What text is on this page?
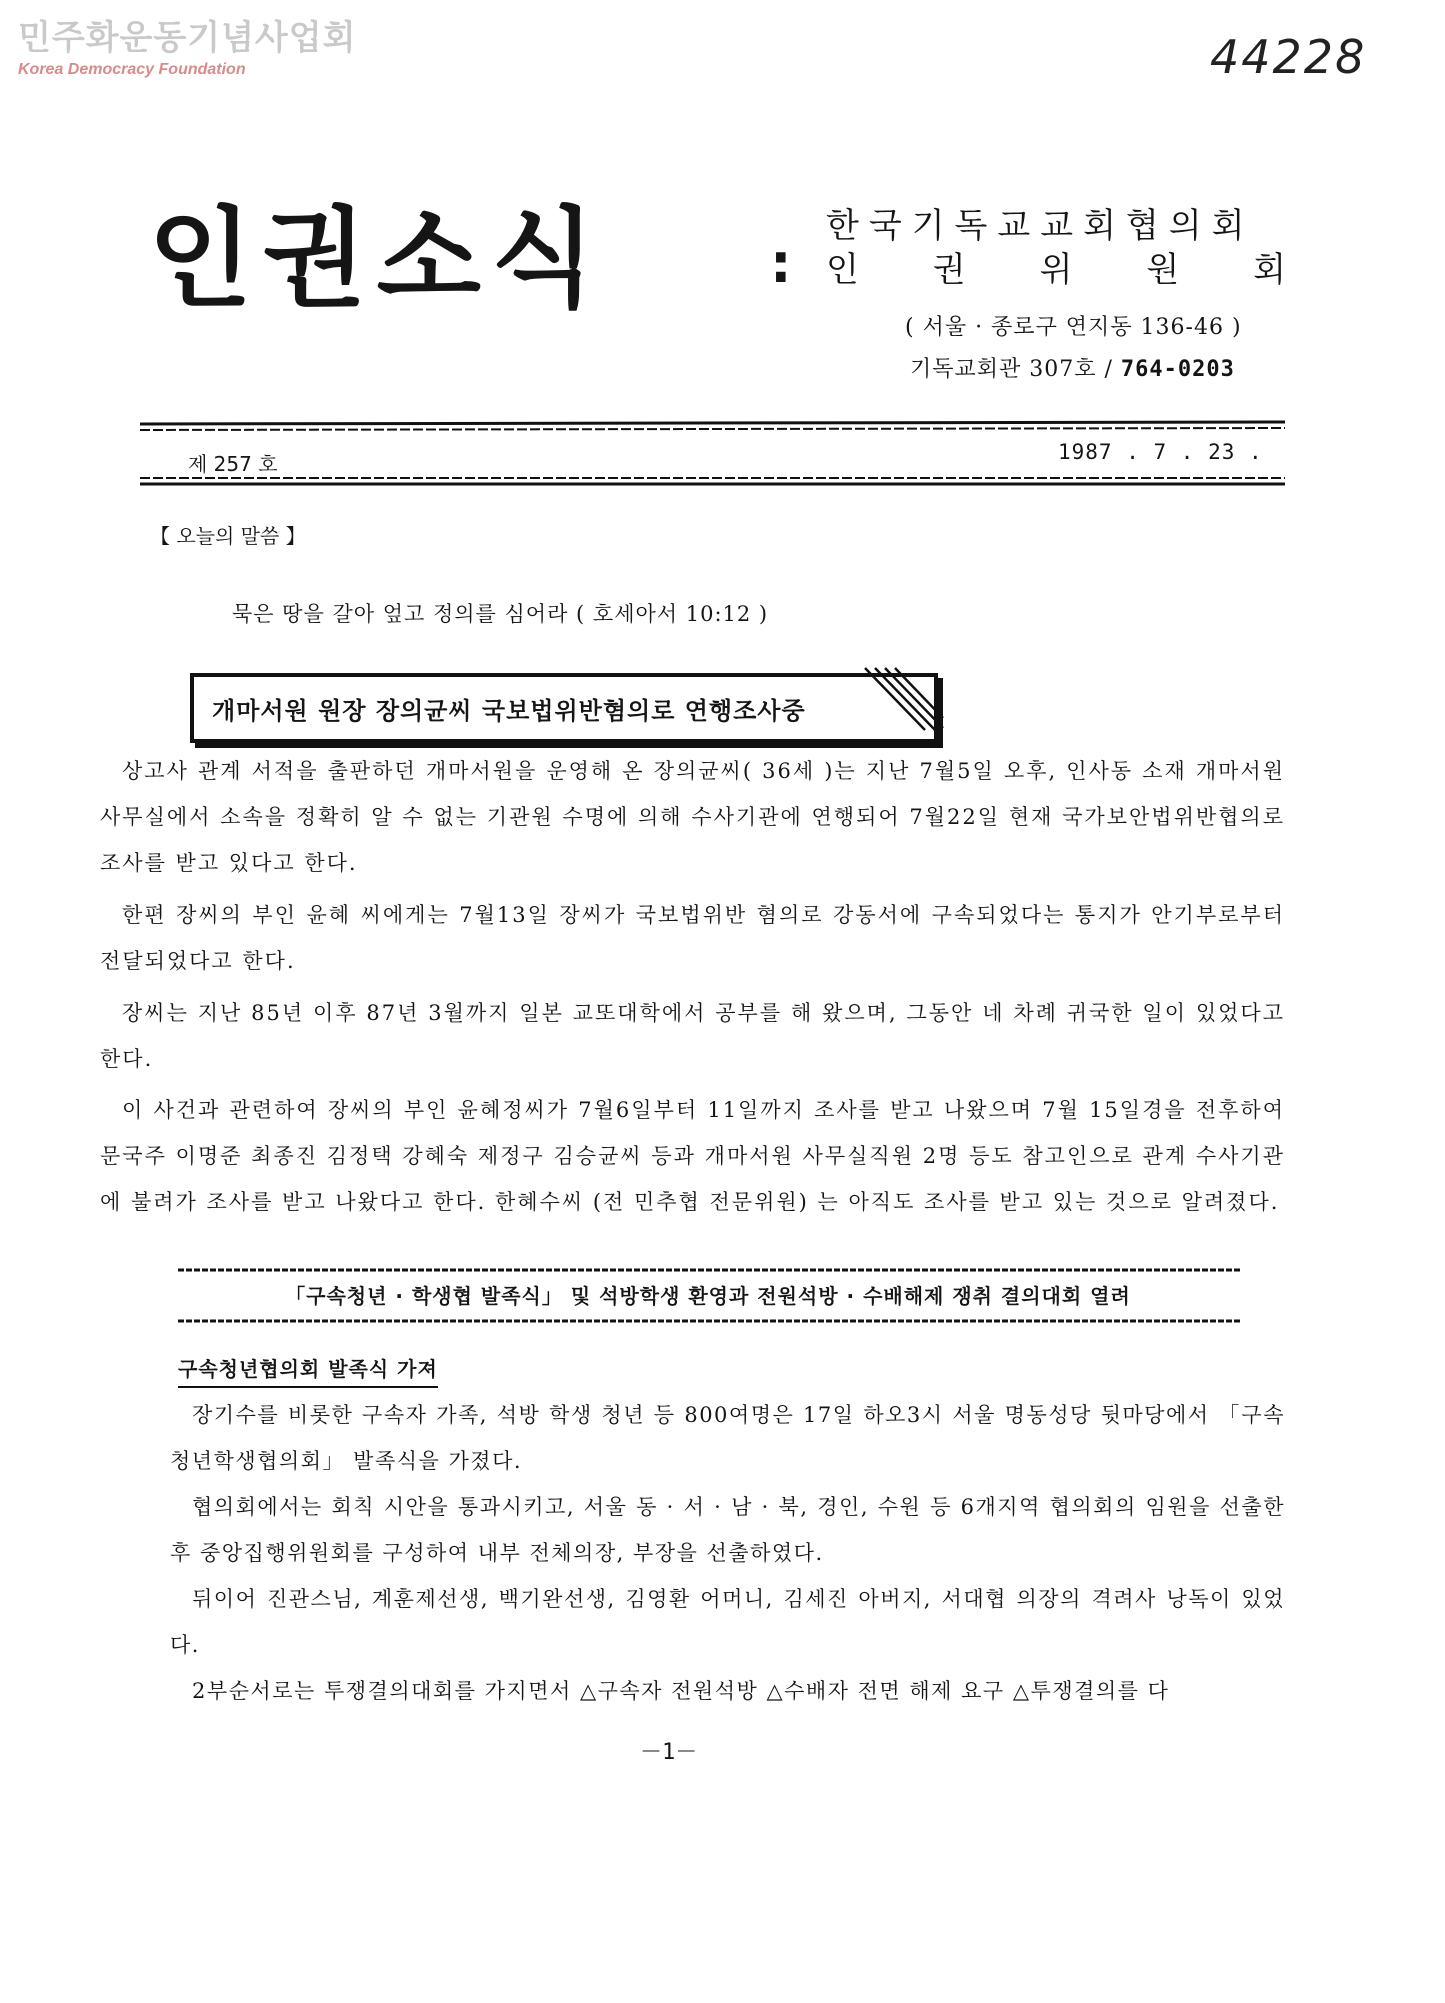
민주화운동기념사업회
Korea Democracy Foundation	44228
인권소식	:
한국기독교교회협의회
인 권 위 원 회
( 서울 · 종로구 연지동 136-46 )
기독교회관 307호 / 764-0203
제 257 호	1987 . 7 . 23 .
【 오늘의 말씀 】
묵은 땅을 갈아 엎고 정의를 심어라 ( 호세아서 10:12 )
개마서원 원장 장의균씨 국보법위반혐의로 연행조사중
상고사 관계 서적을 출판하던 개마서원을 운영해 온 장의균씨( 36세 )는 지난 7월5일 오후, 인사동 소재 개마서원 사무실에서 소속을 정확히 알 수 없는 기관원 수명에 의해 수사기관에 연행되어 7월22일 현재 국가보안법위반협의로 조사를 받고 있다고 한다.
한편 장씨의 부인 윤혜 씨에게는 7월13일 장씨가 국보법위반 혐의로 강동서에 구속되었다는 통지가 안기부로부터 전달되었다고 한다.
장씨는 지난 85년 이후 87년 3월까지 일본 교또대학에서 공부를 해 왔으며, 그동안 네 차례 귀국한 일이 있었다고 한다.
이 사건과 관련하여 장씨의 부인 윤혜정씨가 7월6일부터 11일까지 조사를 받고 나왔으며 7월 15일경을 전후하여 문국주 이명준 최종진 김정택 강혜숙 제정구 김승균씨 등과 개마서원 사무실직원 2명 등도 참고인으로 관계 수사기관에 불려가 조사를 받고 나왔다고 한다. 한혜수씨 (전 민추협 전문위원) 는 아직도 조사를 받고 있는 것으로 알려졌다.
「구속청년 · 학생협 발족식」 및 석방학생 환영과 전원석방 · 수배해제 쟁취 결의대회 열려
구속청년협의회 발족식 가져
장기수를 비롯한 구속자 가족, 석방 학생 청년 등 800여명은 17일 하오3시 서울 명동성당 뒷마당에서 「구속청년학생협의회」 발족식을 가졌다.
협의회에서는 회칙 시안을 통과시키고, 서울 동 · 서 · 남 · 북, 경인, 수원 등 6개지역 협의회의 임원을 선출한 후 중앙집행위원회를 구성하여 내부 전체의장, 부장을 선출하였다.
뒤이어 진관스님, 계훈제선생, 백기완선생, 김영환 어머니, 김세진 아버지, 서대협 의장의 격려사 낭독이 있었다.
2부순서로는 투쟁결의대회를 가지면서 △구속자 전원석방 △수배자 전면 해제 요구 △투쟁결의를 다
－1－
